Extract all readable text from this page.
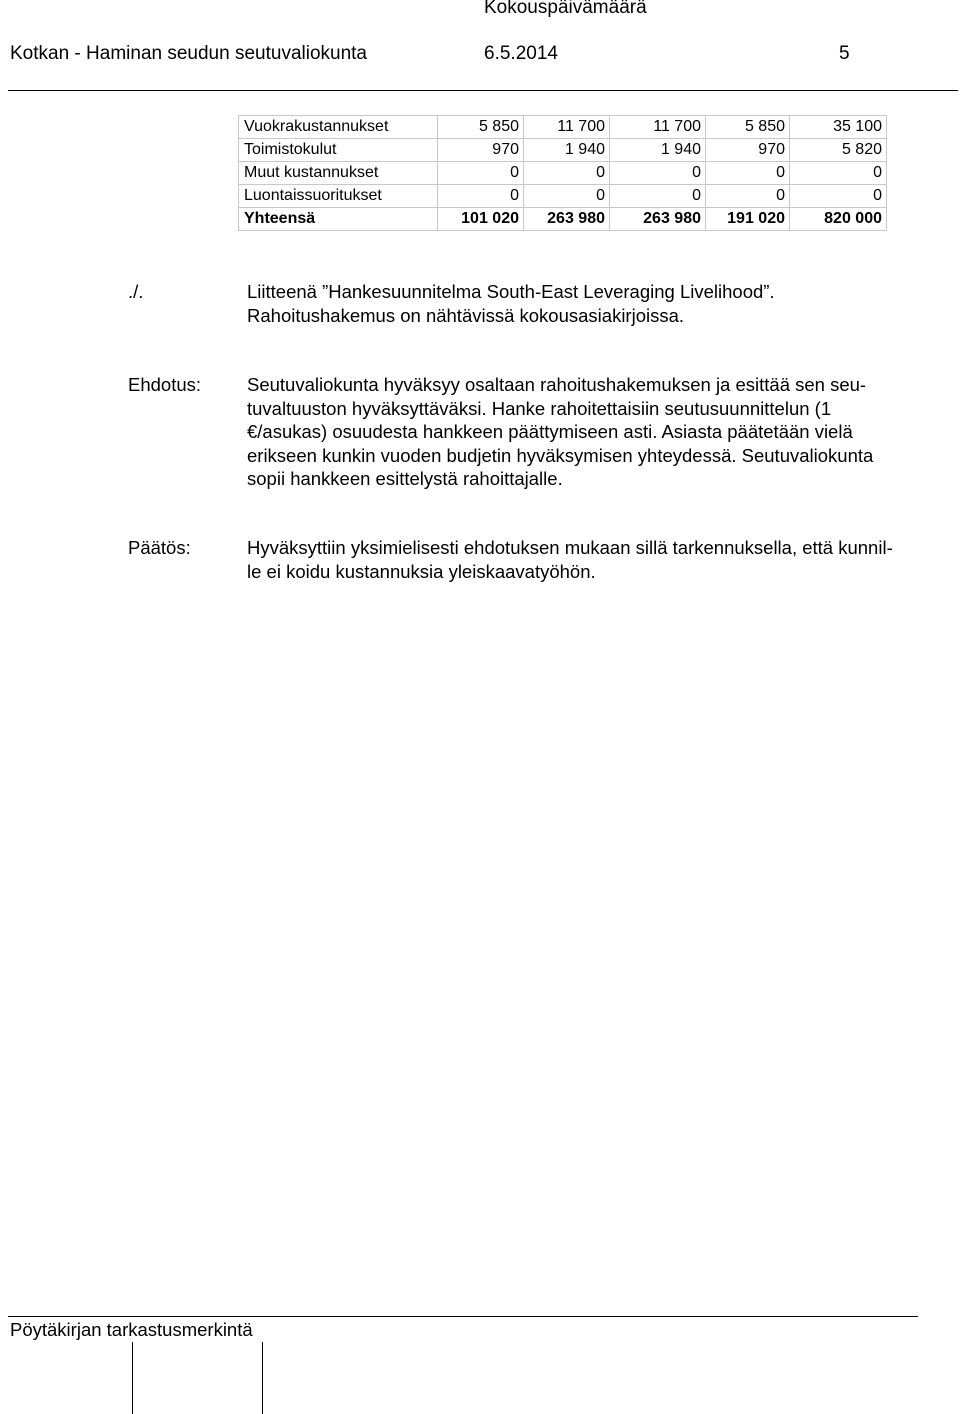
Kokouspäivämäärä
Kotkan - Haminan seudun seutuvaliokunta	6.5.2014	5
Vuokrakustannukset	5 850	11 700	11 700	5 850	35 100
Toimistokulut	970	1 940	1 940	970	5 820
Muut kustannukset	0	0	0	0	0
Luontaissuoritukset	0	0	0	0	0
Yhteensä	101 020	263 980	263 980	191 020	820 000
./.	Liitteenä ”Hankesuunnitelma South-East Leveraging Livelihood”.
Rahoitushakemus on nähtävissä kokousasiakirjoissa.
Ehdotus: Seutuvaliokunta hyväksyy osaltaan rahoitushakemuksen ja esittää sen seu-
tuvaltuuston hyväksyttäväksi. Hanke rahoitettaisiin seutusuunnittelun (1
€/asukas) osuudesta hankkeen päättymiseen asti. Asiasta päätetään vielä
erikseen kunkin vuoden budjetin hyväksymisen yhteydessä. Seutuvaliokunta
sopii hankkeen esittelystä rahoittajalle.
Päätös:	Hyväksyttiin yksimielisesti ehdotuksen mukaan sillä tarkennuksella, että kunnil-
le ei koidu kustannuksia yleiskaavatyöhön.
Pöytäkirjan tarkastusmerkintä
